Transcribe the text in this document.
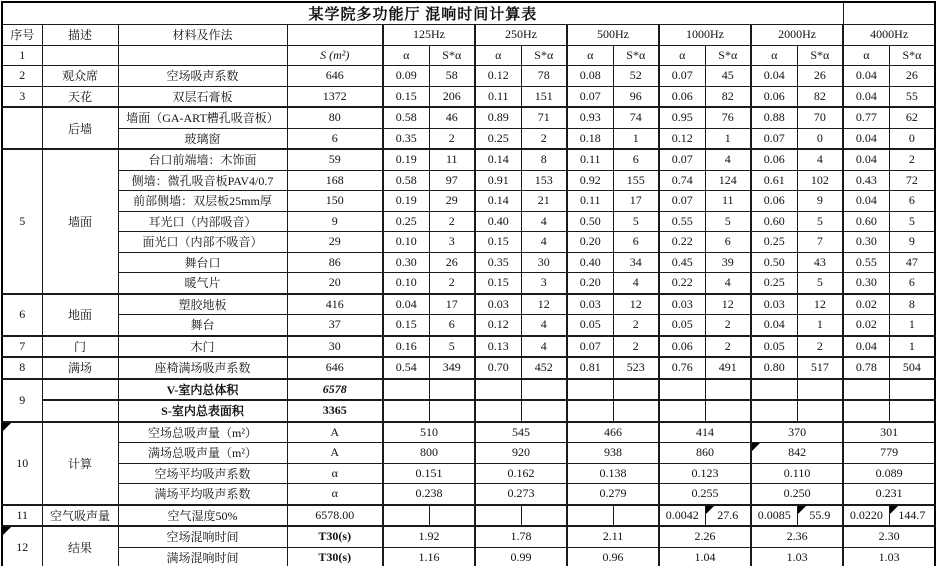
某学院多功能厅 混响时间计算表															
序号	描述	材料及作法		125Hz		250Hz		500Hz		1000Hz		2000Hz		4000Hz	
1			S (m²)	α	S*α	α	S*α	α	S*α	α	S*α	α	S*α	α	S*α
2	观众席	空场吸声系数	646	0.09	58	0.12	78	0.08	52	0.07	45	0.04	26	0.04	26
3	天花	双层石膏板	1372	0.15	206	0.11	151	0.07	96	0.06	82	0.06	82	0.04	55
	后墙	墙面（GA-ART槽孔吸音板）	80	0.58	46	0.89	71	0.93	74	0.95	76	0.88	70	0.77	62
		玻璃窗	6	0.35	2	0.25	2	0.18	1	0.12	1	0.07	0	0.04	0
5	墙面	台口前端墙：木饰面	59	0.19	11	0.14	8	0.11	6	0.07	4	0.06	4	0.04	2
		侧墙：微孔吸音板PAV4/0.7	168	0.58	97	0.91	153	0.92	155	0.74	124	0.61	102	0.43	72
		前部侧墙：双层板25mm厚	150	0.19	29	0.14	21	0.11	17	0.07	11	0.06	9	0.04	6
		耳光口（内部吸音）	9	0.25	2	0.40	4	0.50	5	0.55	5	0.60	5	0.60	5
		面光口（内部不吸音）	29	0.10	3	0.15	4	0.20	6	0.22	6	0.25	7	0.30	9
		舞台口	86	0.30	26	0.35	30	0.40	34	0.45	39	0.50	43	0.55	47
		暖气片	20	0.10	2	0.15	3	0.20	4	0.22	4	0.25	5	0.30	6
6	地面	塑胶地板	416	0.04	17	0.03	12	0.03	12	0.03	12	0.03	12	0.02	8
		舞台	37	0.15	6	0.12	4	0.05	2	0.05	2	0.04	1	0.02	1
7	门	木门	30	0.16	5	0.13	4	0.07	2	0.06	2	0.05	2	0.04	1
8	满场	座椅满场吸声系数	646	0.54	349	0.70	452	0.81	523	0.76	491	0.80	517	0.78	504
9		V-室内总体积	6578												
		S-室内总表面积	3365												

10	计算	空场总吸声量（m²）	A	510		545		466		414		370		301	
		满场总吸声量（m²）	A	800		920		938		860		842		779	
		空场平均吸声系数	α	0.151		0.162		0.138		0.123		0.110		0.089	
		满场平均吸声系数	α	0.238		0.273		0.279		0.255		0.250		0.231	
11	空气吸声量	空气湿度50%	6578.00							0.0042	27.6	0.0085	55.9	0.0220	144.7

12	结果	空场混响时间	T30(s)	1.92		1.78		2.11		2.26		2.36		2.30	
		满场混响时间	T30(s)	1.16		0.99		0.96		1.04		1.03		1.03	
